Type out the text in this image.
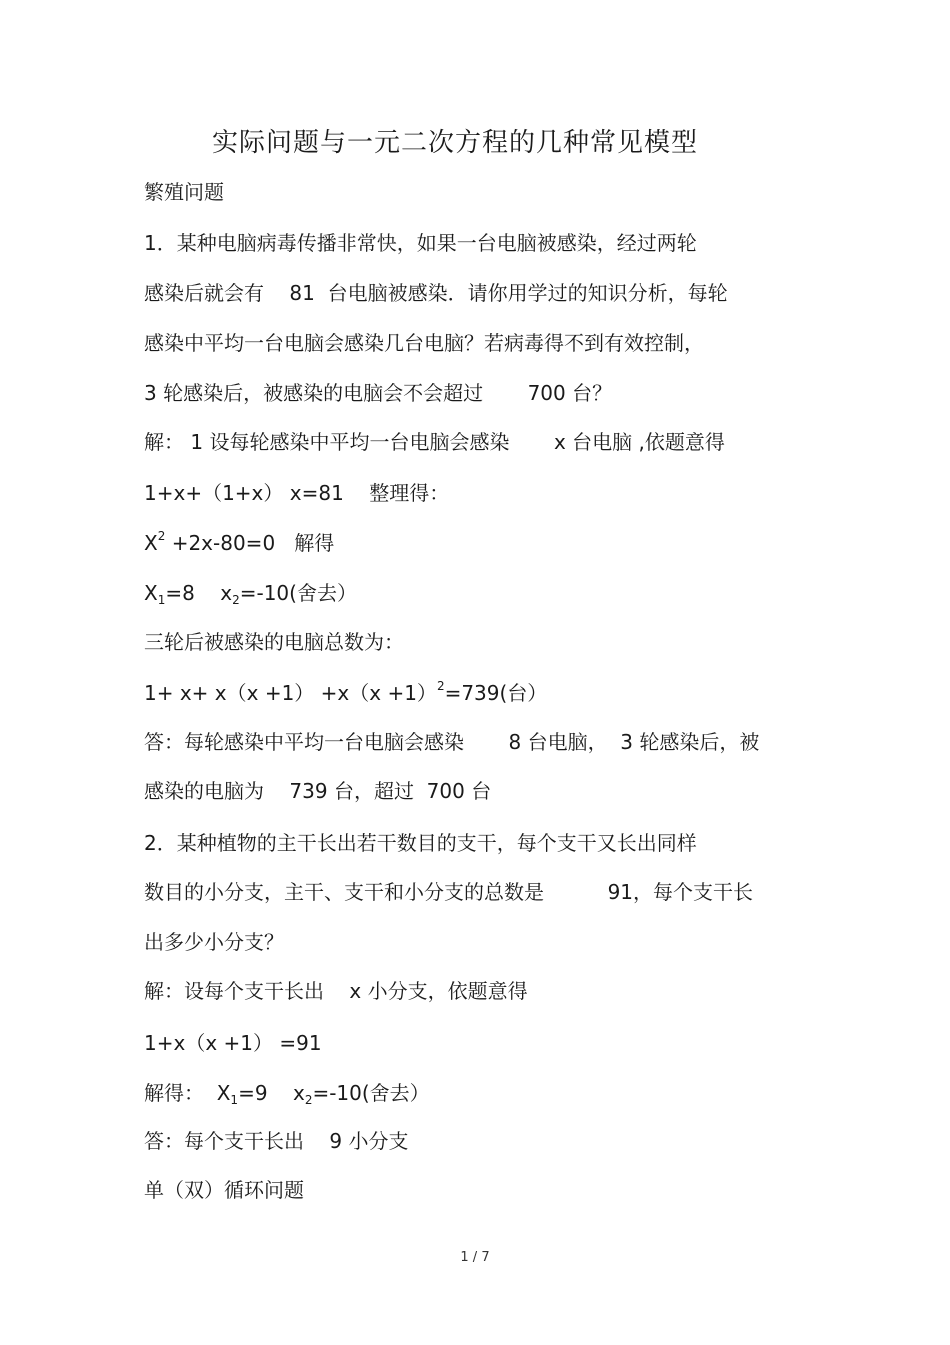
实际问题与一元二次方程的几种常见模型
繁殖问题
1．某种电脑病毒传播非常快，如果一台电脑被感染，经过两轮
感染后就会有    81  台电脑被感染．请你用学过的知识分析，每轮
感染中平均一台电脑会感染几台电脑？若病毒得不到有效控制，
3 轮感染后，被感染的电脑会不会超过       700 台？
解： 1 设每轮感染中平均一台电脑会感染       x 台电脑 ,依题意得
1+x+（1+x） x=81    整理得：
$X^2 +2x-80=0$   解得
$X_1=8$    $x_2=-10$(舍去）
三轮后被感染的电脑总数为：
$1+ x+ x(x +1) +x(x +1)^2=739$(台）
答：每轮感染中平均一台电脑会感染       8 台电脑，  3 轮感染后，被
感染的电脑为    739 台，超过  700 台
2．某种植物的主干长出若干数目的支干，每个支干又长出同样
数目的小分支，主干、支干和小分支的总数是          91，每个支干长
出多少小分支？
解：设每个支干长出    x 小分支，依题意得
1+x（x +1） =91
解得：  $X_1=9$    $x_2=-10$(舍去）
答：每个支干长出    9 小分支
单（双）循环问题
1 / 7
